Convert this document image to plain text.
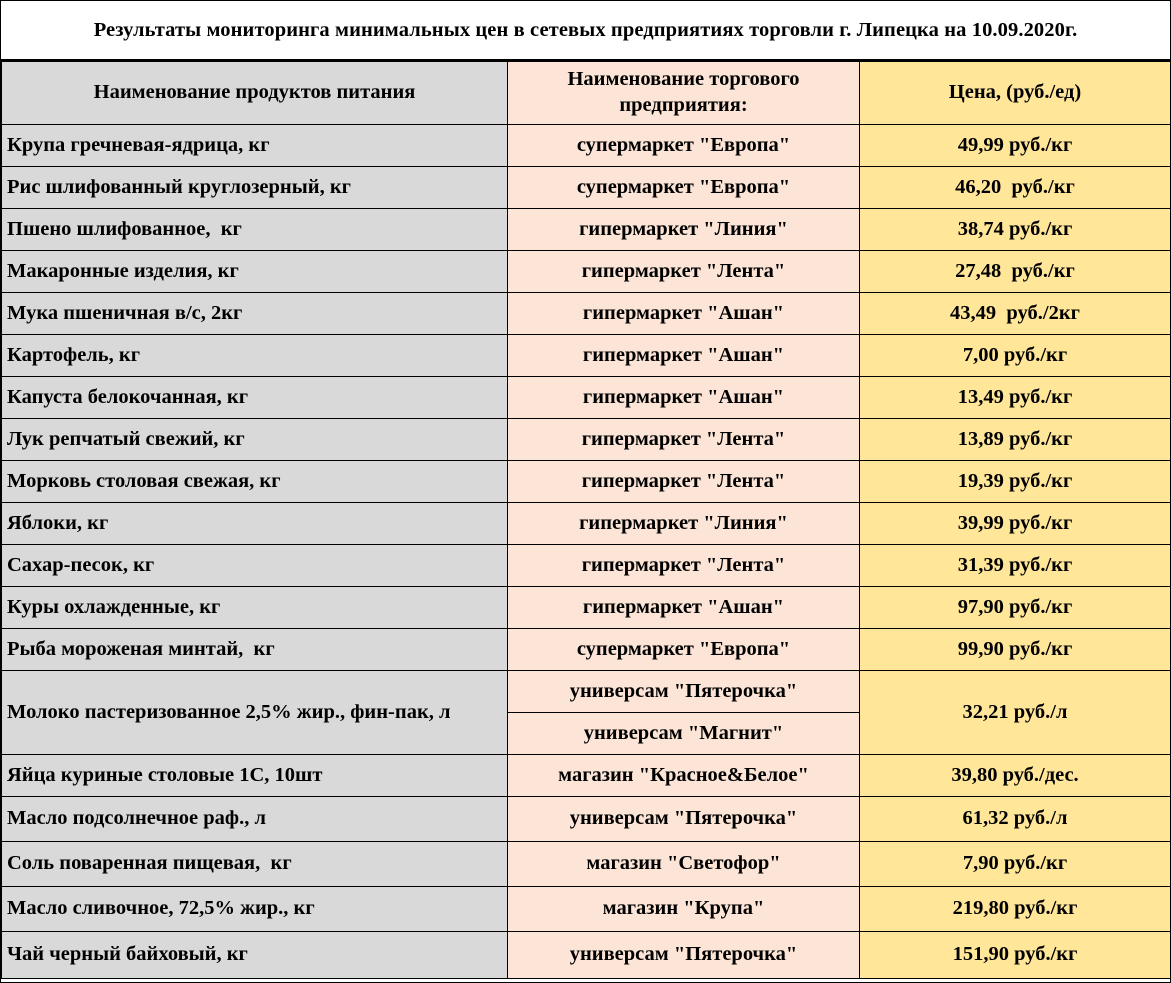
Результаты мониторинга минимальных цен в сетевых предприятиях торговли г. Липецка на 10.09.2020г.
Наименование продуктов питания	Наименование торгового предприятия:	Цена, (руб./ед)
Крупа гречневая-ядрица, кг	супермаркет "Европа"	49,99 руб./кг
Рис шлифованный круглозерный, кг	супермаркет "Европа"	46,20  руб./кг
Пшено шлифованное,  кг	гипермаркет "Линия"	38,74 руб./кг
Макаронные изделия, кг	гипермаркет "Лента"	27,48  руб./кг
Мука пшеничная в/с, 2кг	гипермаркет "Ашан"	43,49  руб./2кг
Картофель, кг	гипермаркет "Ашан"	7,00 руб./кг
Капуста белокочанная, кг	гипермаркет "Ашан"	13,49 руб./кг
Лук репчатый свежий, кг	гипермаркет "Лента"	13,89 руб./кг
Морковь столовая свежая, кг	гипермаркет "Лента"	19,39 руб./кг
Яблоки, кг	гипермаркет "Линия"	39,99 руб./кг
Сахар-песок, кг	гипермаркет "Лента"	31,39 руб./кг
Куры охлажденные, кг	гипермаркет "Ашан"	97,90 руб./кг
Рыба мороженая минтай,  кг	супермаркет "Европа"	99,90 руб./кг
Молоко пастеризованное 2,5% жир., фин-пак, л	универсам "Пятерочка"	32,21 руб./л
	универсам "Магнит"	
Яйца куриные столовые 1С, 10шт	магазин "Красное&Белое"	39,80 руб./дес.
Масло подсолнечное раф., л	универсам "Пятерочка"	61,32 руб./л
Соль поваренная пищевая,  кг	магазин "Светофор"	7,90 руб./кг
Масло сливочное, 72,5% жир., кг	магазин "Крупа"	219,80 руб./кг
Чай черный байховый, кг	универсам "Пятерочка"	151,90 руб./кг
